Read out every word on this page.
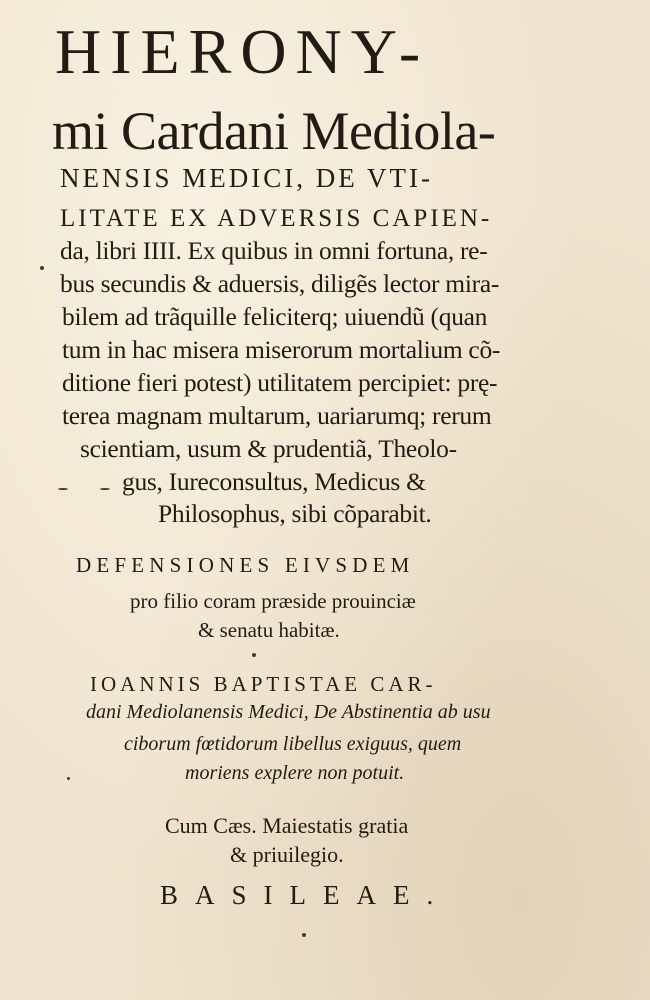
HIERONY-
mi Cardani Mediola-
NENSIS MEDICI, DE VTI-
LITATE EX ADVERSIS CAPIEN-
da, libri IIII. Ex quibus in omni fortuna, re-
bus secundis & aduersis, diligẽs lector mira-
bilem ad trãquille feliciterq; uiuendũ (quan
tum in hac misera miserorum mortalium cõ-
ditione fieri potest) utilitatem percipiet: prę-
terea magnam multarum, uariarumq; rerum
scientiam, usum & prudentiã, Theolo-
gus, Iureconsultus, Medicus &
Philosophus, sibi cõparabit.
DEFENSIONES EIVSDEM
pro filio coram præside prouinciæ
& senatu habitæ.
IOANNIS BAPTISTAE CAR-
dani Mediolanensis Medici, De Abstinentia ab usu
ciborum fœtidorum libellus exiguus, quem
moriens explere non potuit.
Cum Cæs. Maiestatis gratia
& priuilegio.
BASILEAE.
